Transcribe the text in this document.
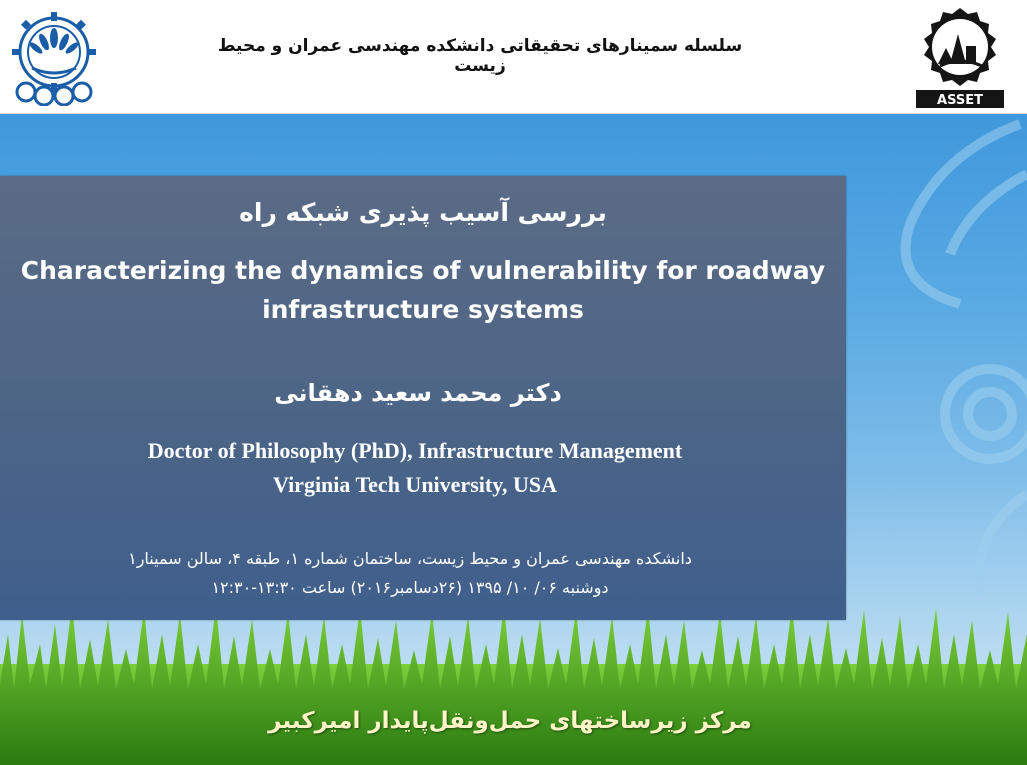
سلسله سمینارهای تحقیقاتی دانشکده مهندسی عمران و محیط زیست
ASSET
بررسی آسیب پذیری شبکه راه
Characterizing the dynamics of vulnerability for roadway
infrastructure systems
دکتر محمد سعید دهقانی
Doctor of Philosophy (PhD), Infrastructure Management
Virginia Tech University, USA
دانشکده مهندسی عمران و محیط زیست، ساختمان شماره ۱، طبقه ۴، سالن سمینار۱
دوشنبه ۰۶/ ۱۰/ ۱۳۹۵ (۲۶دسامبر۲۰۱۶) ساعت ۱۳:۳۰-۱۲:۳۰
مرکز زیرساختهای حمل‌ونقل‌پایدار امیرکبیر
